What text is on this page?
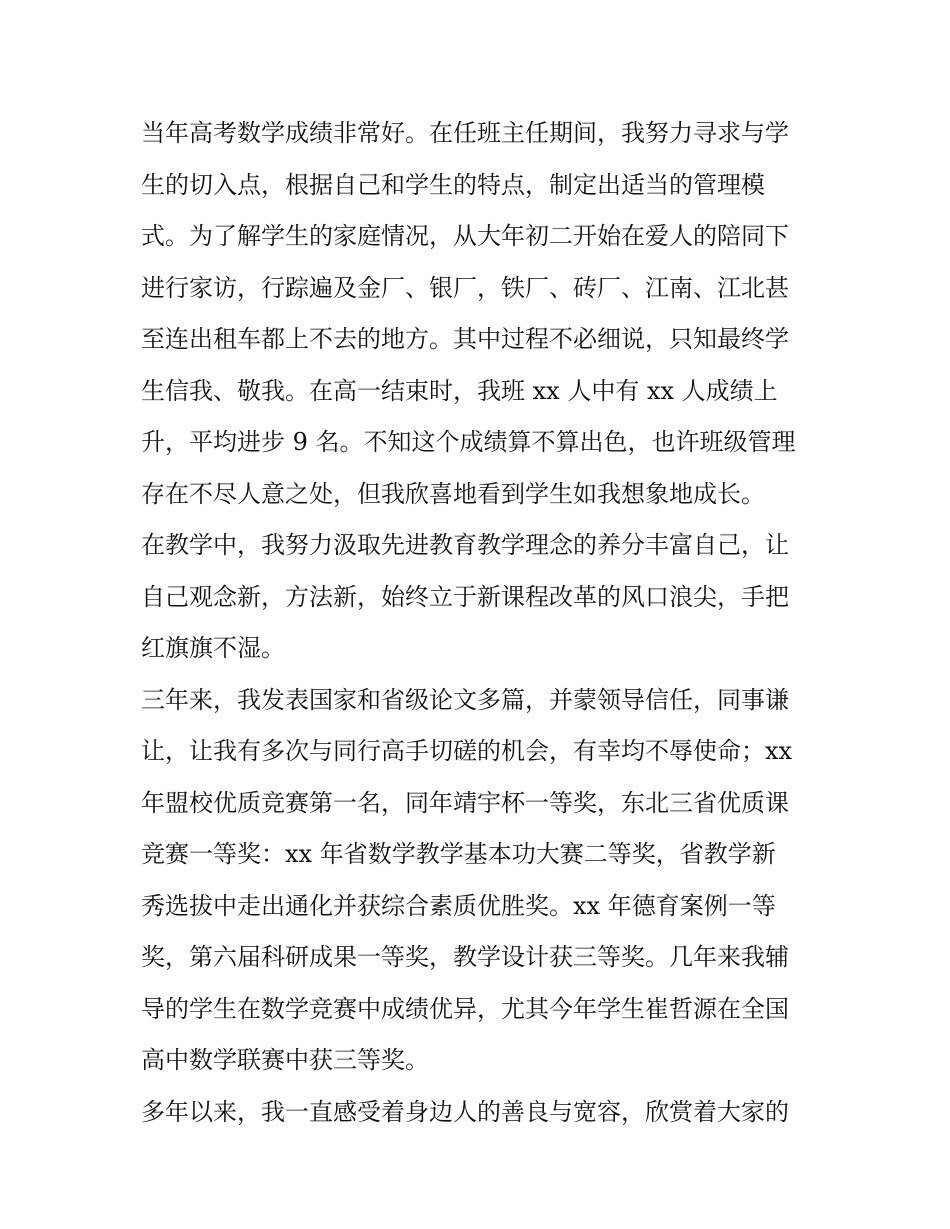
当年高考数学成绩非常好。在任班主任期间，我努力寻求与学
生的切入点，根据自己和学生的特点，制定出适当的管理模
式。为了解学生的家庭情况，从大年初二开始在爱人的陪同下
进行家访，行踪遍及金厂、银厂，铁厂、砖厂、江南、江北甚
至连出租车都上不去的地方。其中过程不必细说，只知最终学
生信我、敬我。在高一结束时，我班 xx 人中有 xx 人成绩上
升，平均进步 9 名。不知这个成绩算不算出色，也许班级管理
存在不尽人意之处，但我欣喜地看到学生如我想象地成长。
在教学中，我努力汲取先进教育教学理念的养分丰富自己，让
自己观念新，方法新，始终立于新课程改革的风口浪尖，手把
红旗旗不湿。
三年来，我发表国家和省级论文多篇，并蒙领导信任，同事谦
让，让我有多次与同行高手切磋的机会，有幸均不辱使命；xx
年盟校优质竞赛第一名，同年靖宇杯一等奖，东北三省优质课
竞赛一等奖：xx 年省数学教学基本功大赛二等奖，省教学新
秀选拔中走出通化并获综合素质优胜奖。xx 年德育案例一等
奖，第六届科研成果一等奖，教学设计获三等奖。几年来我辅
导的学生在数学竞赛中成绩优异，尤其今年学生崔哲源在全国
高中数学联赛中获三等奖。
多年以来，我一直感受着身边人的善良与宽容，欣赏着大家的
